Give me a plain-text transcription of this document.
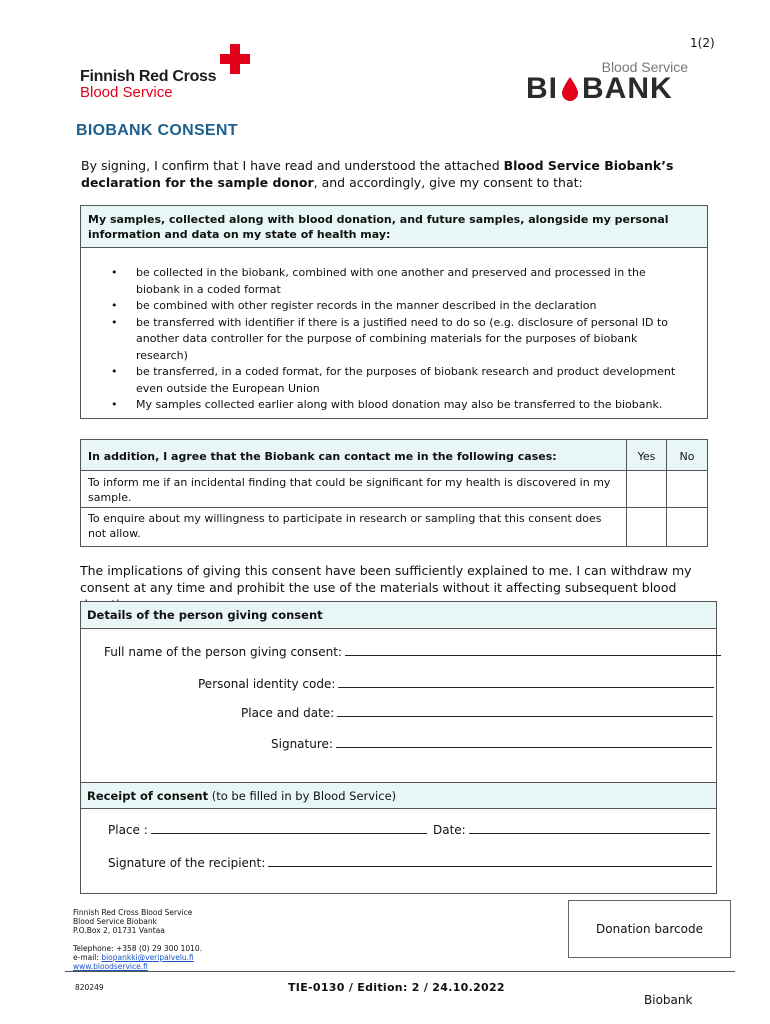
1(2)
Finnish Red Cross
Blood Service
Blood Service
BI BANK
BIOBANK CONSENT
By signing, I confirm that I have read and understood the attached Blood Service Biobank’s declaration for the sample donor, and accordingly, give my consent to that:
My samples, collected along with blood donation, and future samples, alongside my personal information and data on my state of health may:
• be collected in the biobank, combined with one another and preserved and processed in the biobank in a coded format
• be combined with other register records in the manner described in the declaration
• be transferred with identifier if there is a justified need to do so (e.g. disclosure of personal ID to another data controller for the purpose of combining materials for the purposes of biobank research)
• be transferred, in a coded format, for the purposes of biobank research and product development even outside the European Union
• My samples collected earlier along with blood donation may also be transferred to the biobank.
In addition, I agree that the Biobank can contact me in the following cases:	Yes	No
To inform me if an incidental finding that could be significant for my health is discovered in my sample.
To enquire about my willingness to participate in research or sampling that this consent does not allow.
The implications of giving this consent have been sufficiently explained to me. I can withdraw my consent at any time and prohibit the use of the materials without it affecting subsequent blood
Details of the person giving consent
Full name of the person giving consent:
Personal identity code:
Place and date:
Signature:
Receipt of consent (to be filled in by Blood Service)
Place :	Date:
Signature of the recipient:
Finnish Red Cross Blood Service
Blood Service Biobank
P.O.Box 2, 01731 Vantaa
Telephone: +358 (0) 29 300 1010.
e-mail: biopankki@veripalvelu.fi
www.bloodservice.fi
Donation barcode
820249	TIE-0130 / Edition: 2 / 24.10.2022
Biobank
